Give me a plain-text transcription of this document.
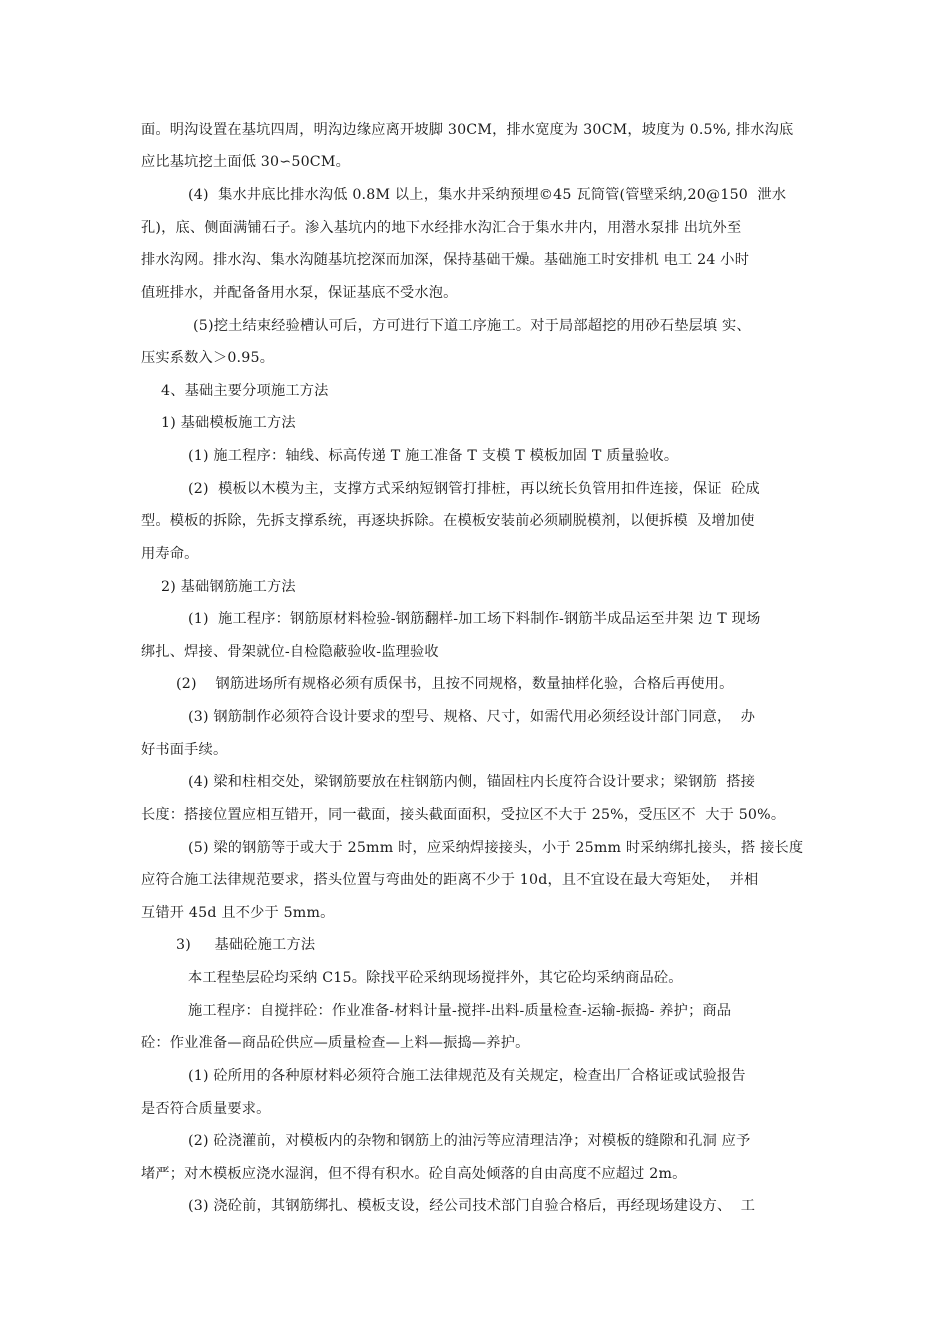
面。明沟设置在基坑四周，明沟边缘应离开坡脚 30CM，排水宽度为 30CM，坡度为 0.5%, 排水沟底
应比基坑挖土面低 30∽50CM。
(4)  集水井底比排水沟低 0.8M 以上，集水井采纳预埋©45 瓦筒管(管壁采纳,20@150  泄水
孔)，底、侧面满铺石子。渗入基坑内的地下水经排水沟汇合于集水井内，用潜水泵排 出坑外至
排水沟网。排水沟、集水沟随基坑挖深而加深，保持基础干燥。基础施工时安排机 电工 24 小时
值班排水，并配备备用水泵，保证基底不受水泡。
(5)挖土结束经验槽认可后，方可进行下道工序施工。对于局部超挖的用砂石垫层填 实、
压实系数入＞0.95。
4、基础主要分项施工方法
1) 基础模板施工方法
(1) 施工程序：轴线、标高传递 T 施工准备 T 支模 T 模板加固 T 质量验收。
(2)  模板以木模为主，支撑方式采纳短钢管打排桩，再以统长负管用扣件连接，保证  砼成
型。模板的拆除，先拆支撑系统，再逐块拆除。在模板安装前必须刷脱模剂，以便拆模  及增加使
用寿命。
2) 基础钢筋施工方法
(1)  施工程序：钢筋原材料检验-钢筋翻样-加工场下料制作-钢筋半成品运至井架 边 T 现场
绑扎、焊接、骨架就位-自检隐蔽验收-监理验收
(2)    钢筋进场所有规格必须有质保书，且按不同规格，数量抽样化验，合格后再使用。
(3) 钢筋制作必须符合设计要求的型号、规格、尺寸，如需代用必须经设计部门同意，  办
好书面手续。
(4) 梁和柱相交处，梁钢筋要放在柱钢筋内侧，锚固柱内长度符合设计要求；梁钢筋  搭接
长度：搭接位置应相互错开，同一截面，接头截面面积，受拉区不大于 25%，受压区不  大于 50%。
(5) 梁的钢筋等于或大于 25mm 时，应采纳焊接接头，小于 25mm 时采纳绑扎接头，搭 接长度
应符合施工法律规范要求，搭头位置与弯曲处的距离不少于 10d，且不宜设在最大弯矩处，  并相
互错开 45d 且不少于 5mm。
3)     基础砼施工方法
本工程垫层砼均采纳 C15。除找平砼采纳现场搅拌外，其它砼均采纳商品砼。
施工程序：自搅拌砼：作业准备-材料计量-搅拌-出料-质量检查-运输-振捣- 养护；商品
砼：作业准备—商品砼供应—质量检查—上料—振捣—养护。
(1) 砼所用的各种原材料必须符合施工法律规范及有关规定，检查出厂合格证或试验报告
是否符合质量要求。
(2) 砼浇灌前，对模板内的杂物和钢筋上的油污等应清理洁净；对模板的缝隙和孔洞 应予
堵严；对木模板应浇水湿润，但不得有积水。砼自高处倾落的自由高度不应超过 2m。
(3) 浇砼前，其钢筋绑扎、模板支设，经公司技术部门自验合格后，再经现场建设方、  工
